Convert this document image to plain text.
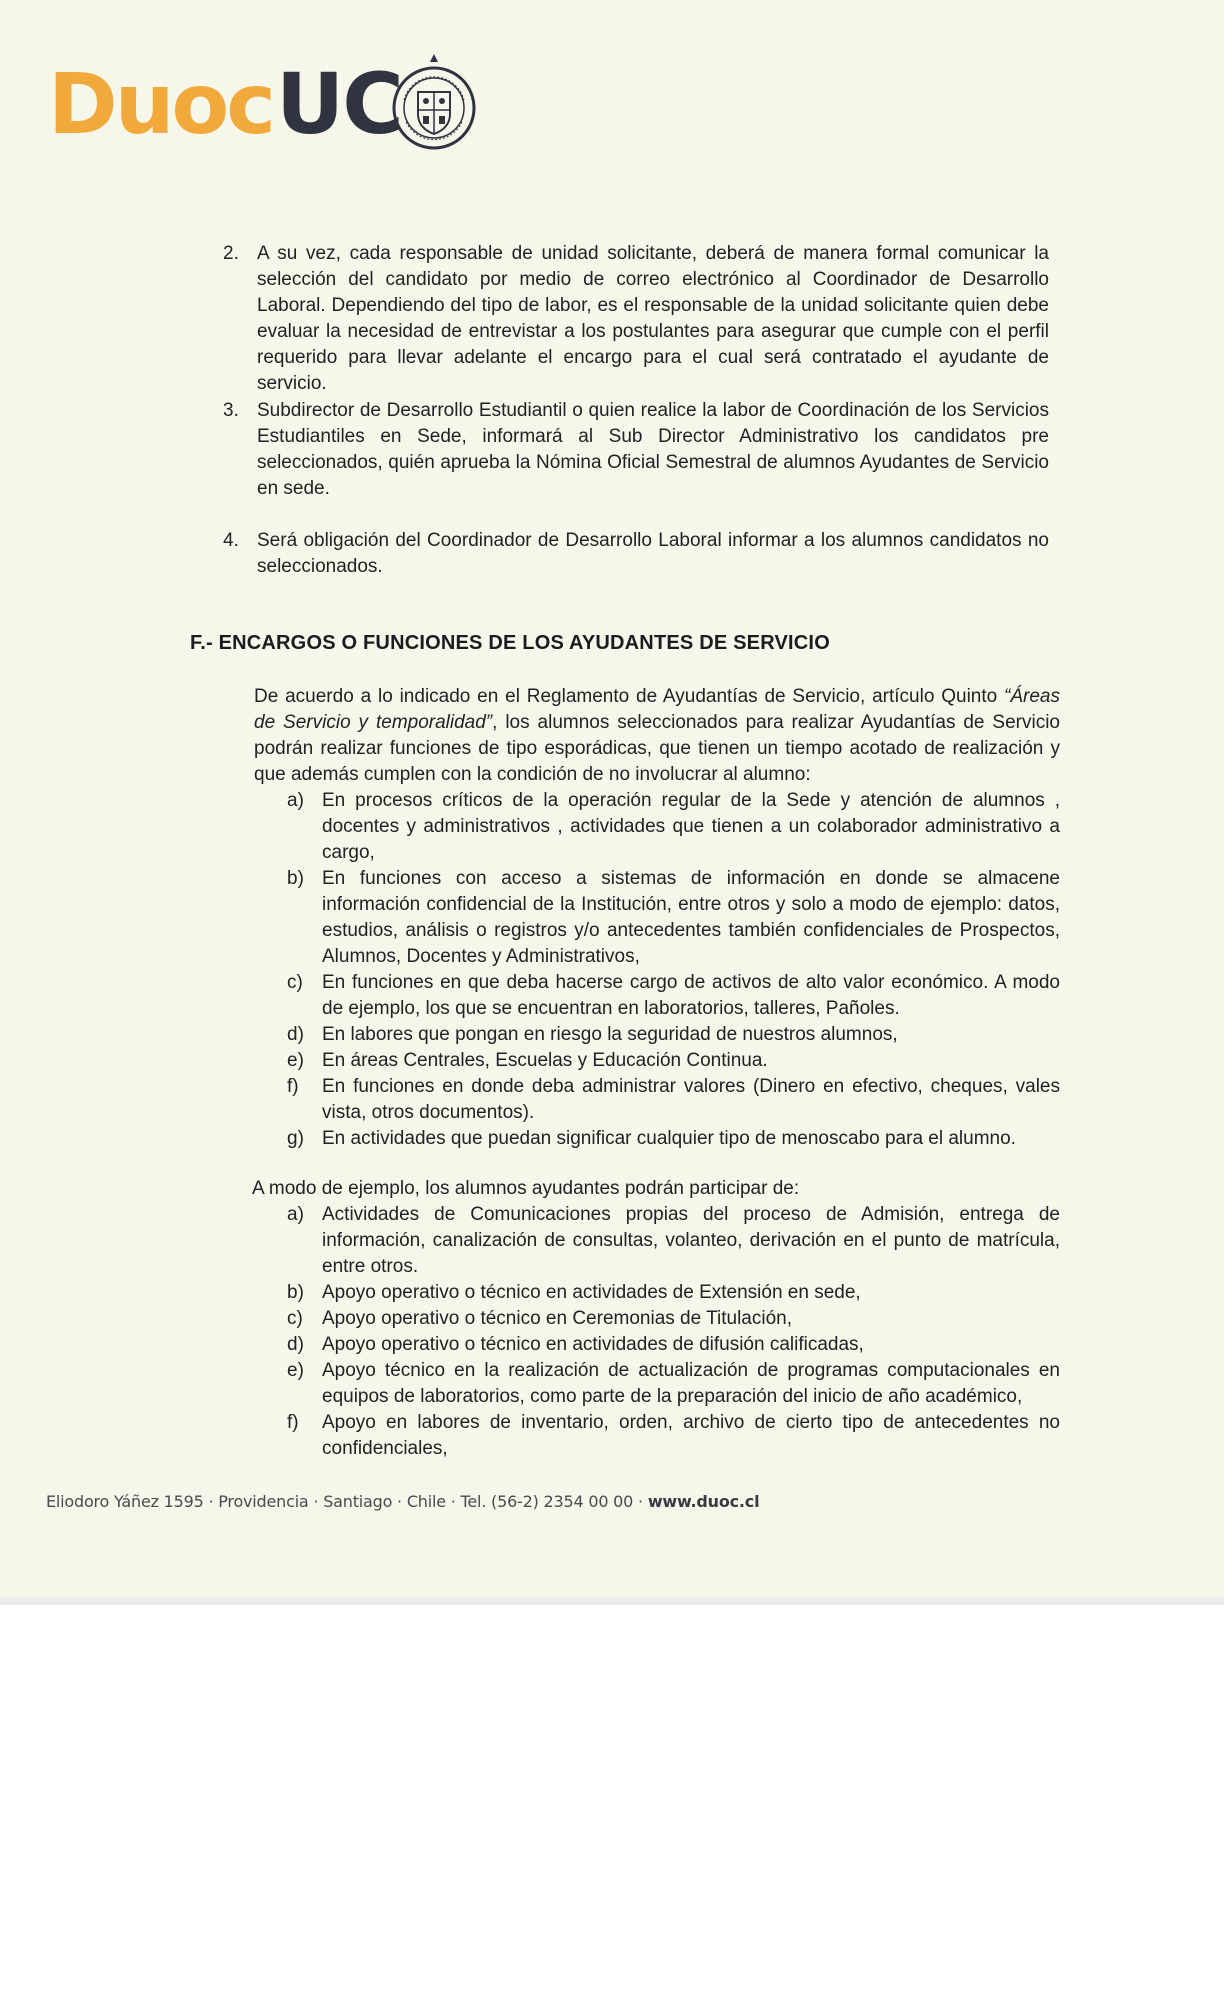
Duoc UC
2. A su vez, cada responsable de unidad solicitante, deberá de manera formal comunicar la selección del candidato por medio de correo electrónico al Coordinador de Desarrollo Laboral. Dependiendo del tipo de labor, es el responsable de la unidad solicitante quien debe evaluar la necesidad de entrevistar a los postulantes para asegurar que cumple con el perfil requerido para llevar adelante el encargo para el cual será contratado el ayudante de servicio.
3. Subdirector de Desarrollo Estudiantil o quien realice la labor de Coordinación de los Servicios Estudiantiles en Sede, informará al Sub Director Administrativo los candidatos pre seleccionados, quién aprueba la Nómina Oficial Semestral de alumnos Ayudantes de Servicio en sede.
4. Será obligación del Coordinador de Desarrollo Laboral informar a los alumnos candidatos no seleccionados.
F.- ENCARGOS O FUNCIONES DE LOS AYUDANTES DE SERVICIO
De acuerdo a lo indicado en el Reglamento de Ayudantías de Servicio, artículo Quinto “Áreas de Servicio y temporalidad”, los alumnos seleccionados para realizar Ayudantías de Servicio podrán realizar funciones de tipo esporádicas, que tienen un tiempo acotado de realización y que además cumplen con la condición de no involucrar al alumno:
a) En procesos críticos de la operación regular de la Sede y atención de alumnos , docentes y administrativos , actividades que tienen a un colaborador administrativo a cargo,
b) En funciones con acceso a sistemas de información en donde se almacene información confidencial de la Institución, entre otros y solo a modo de ejemplo: datos, estudios, análisis o registros y/o antecedentes también confidenciales de Prospectos, Alumnos, Docentes y Administrativos,
c) En funciones en que deba hacerse cargo de activos de alto valor económico. A modo de ejemplo, los que se encuentran en laboratorios, talleres, Pañoles.
d) En labores que pongan en riesgo la seguridad de nuestros alumnos,
e) En áreas Centrales, Escuelas y Educación Continua.
f) En funciones en donde deba administrar valores (Dinero en efectivo, cheques, vales vista, otros documentos).
g) En actividades que puedan significar cualquier tipo de menoscabo para el alumno.
A modo de ejemplo, los alumnos ayudantes podrán participar de:
a) Actividades de Comunicaciones propias del proceso de Admisión, entrega de información, canalización de consultas, volanteo, derivación en el punto de matrícula, entre otros.
b) Apoyo operativo o técnico en actividades de Extensión en sede,
c) Apoyo operativo o técnico en Ceremonias de Titulación,
d) Apoyo operativo o técnico en actividades de difusión calificadas,
e) Apoyo técnico en la realización de actualización de programas computacionales en equipos de laboratorios, como parte de la preparación del inicio de año académico,
f) Apoyo en labores de inventario, orden, archivo de cierto tipo de antecedentes no confidenciales,
Eliodoro Yáñez 1595 · Providencia · Santiago · Chile · Tel. (56-2) 2354 00 00 · www.duoc.cl
